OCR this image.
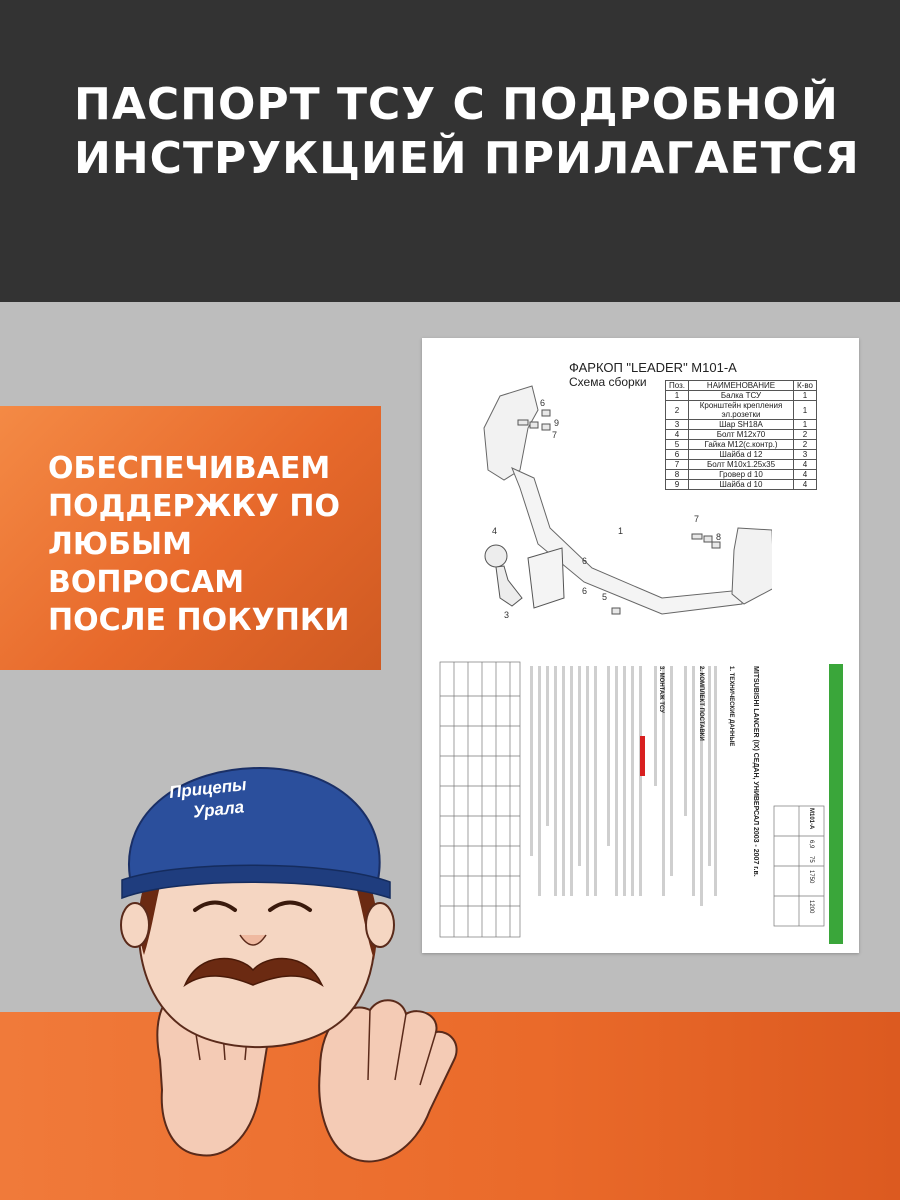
ПАСПОРТ ТСУ С ПОДРОБНОЙ
ИНСТРУКЦИЕЙ ПРИЛАГАЕТСЯ
ОБЕСПЕЧИВАЕМ
ПОДДЕРЖКУ ПО
ЛЮБЫМ
ВОПРОСАМ
ПОСЛЕ ПОКУПКИ
7
9
6
1
4
6
3
7
8
6
5
ФАРКОП "LEADER" М101-А
Схема сборки	Поз.	НАИМЕНОВАНИЕ	К-во
1	Балка ТСУ	1
2	Кронштейн крепления эл.розетки	1
3	Шар SH18A	1
4	Болт М12х70	2
5	Гайка М12(с.контр.)	2
6	Шайба d 12	3
7	Болт М10х1.25х35	4
8	Гровер d 10	4
9	Шайба d 10	4
MITSUBISHI LANCER (IX) СЕДАН, УНИВЕРСАЛ 2003 - 2007 г.в.
1. ТЕХНИЧЕСКИЕ ДАННЫЕ
2. КОМПЛЕКТ ПОСТАВКИ
3. МОНТАЖ ТСУ
М101-А
6,9
75
1750
1200
Прицепы
Урала
